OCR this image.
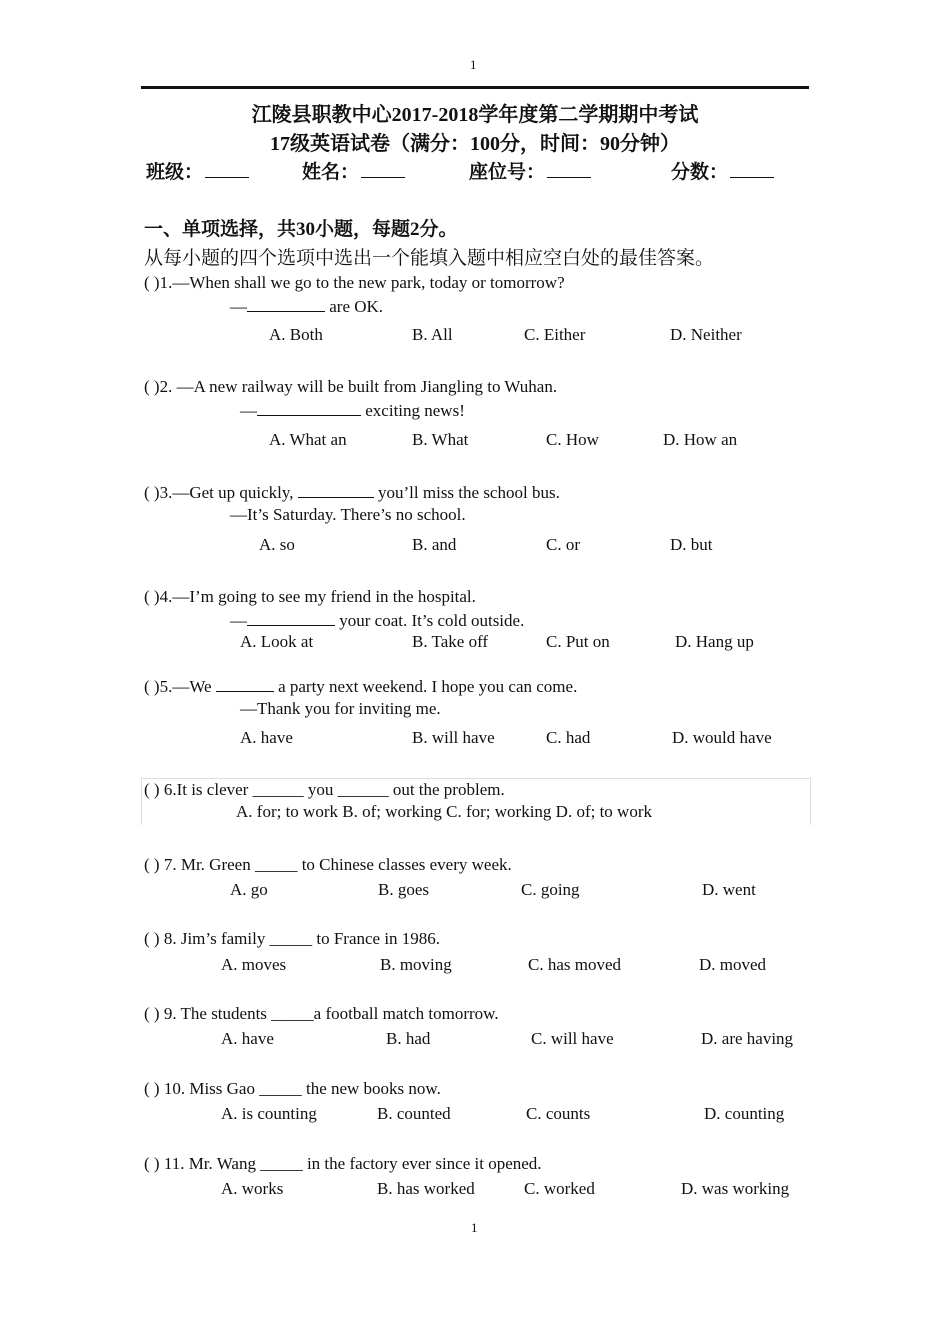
1
江陵县职教中心2017-2018学年度第二学期期中考试
17级英语试卷（满分：100分，时间：90分钟）
班级：	姓名：	座位号：	分数：
一、单项选择，共30小题，每题2分。
从每小题的四个选项中选出一个能填入题中相应空白处的最佳答案。
( )1.—When shall we go to the new park, today or tomorrow?
—	are OK.
A. Both	B. All	C. Either	D. Neither
( )2. —A new railway will be built from Jiangling to Wuhan.
—	exciting news!
A. What an	B. What	C. How	D. How an
( )3.—Get up quickly,	you’ll miss the school bus.
—It’s Saturday. There’s no school.
A. so	B. and	C. or	D. but
( )4.—I’m going to see my friend in the hospital.
—	your coat. It’s cold outside.
A. Look at	B. Take off	C. Put on	D. Hang up
( )5.—We	a party next weekend. I hope you can come.
—Thank you for inviting me.
A. have	B. will have	C. had	D. would have
( ) 6.It is clever ______ you ______ out the problem.
A. for; to work B. of; working C. for; working D. of; to work
( ) 7. Mr. Green _____ to Chinese classes every week.
A. go	B. goes	C. going	D. went
( ) 8. Jim’s family _____ to France in 1986.
A. moves	B. moving	C. has moved	D. moved
( ) 9. The students _____a football match tomorrow.
A. have	B. had	C. will have	D. are having
( ) 10. Miss Gao _____ the new books now.
A. is counting	B. counted	C. counts	D. counting
( ) 11. Mr. Wang _____ in the factory ever since it opened.
A. works	B. has worked	C. worked	D. was working
1
